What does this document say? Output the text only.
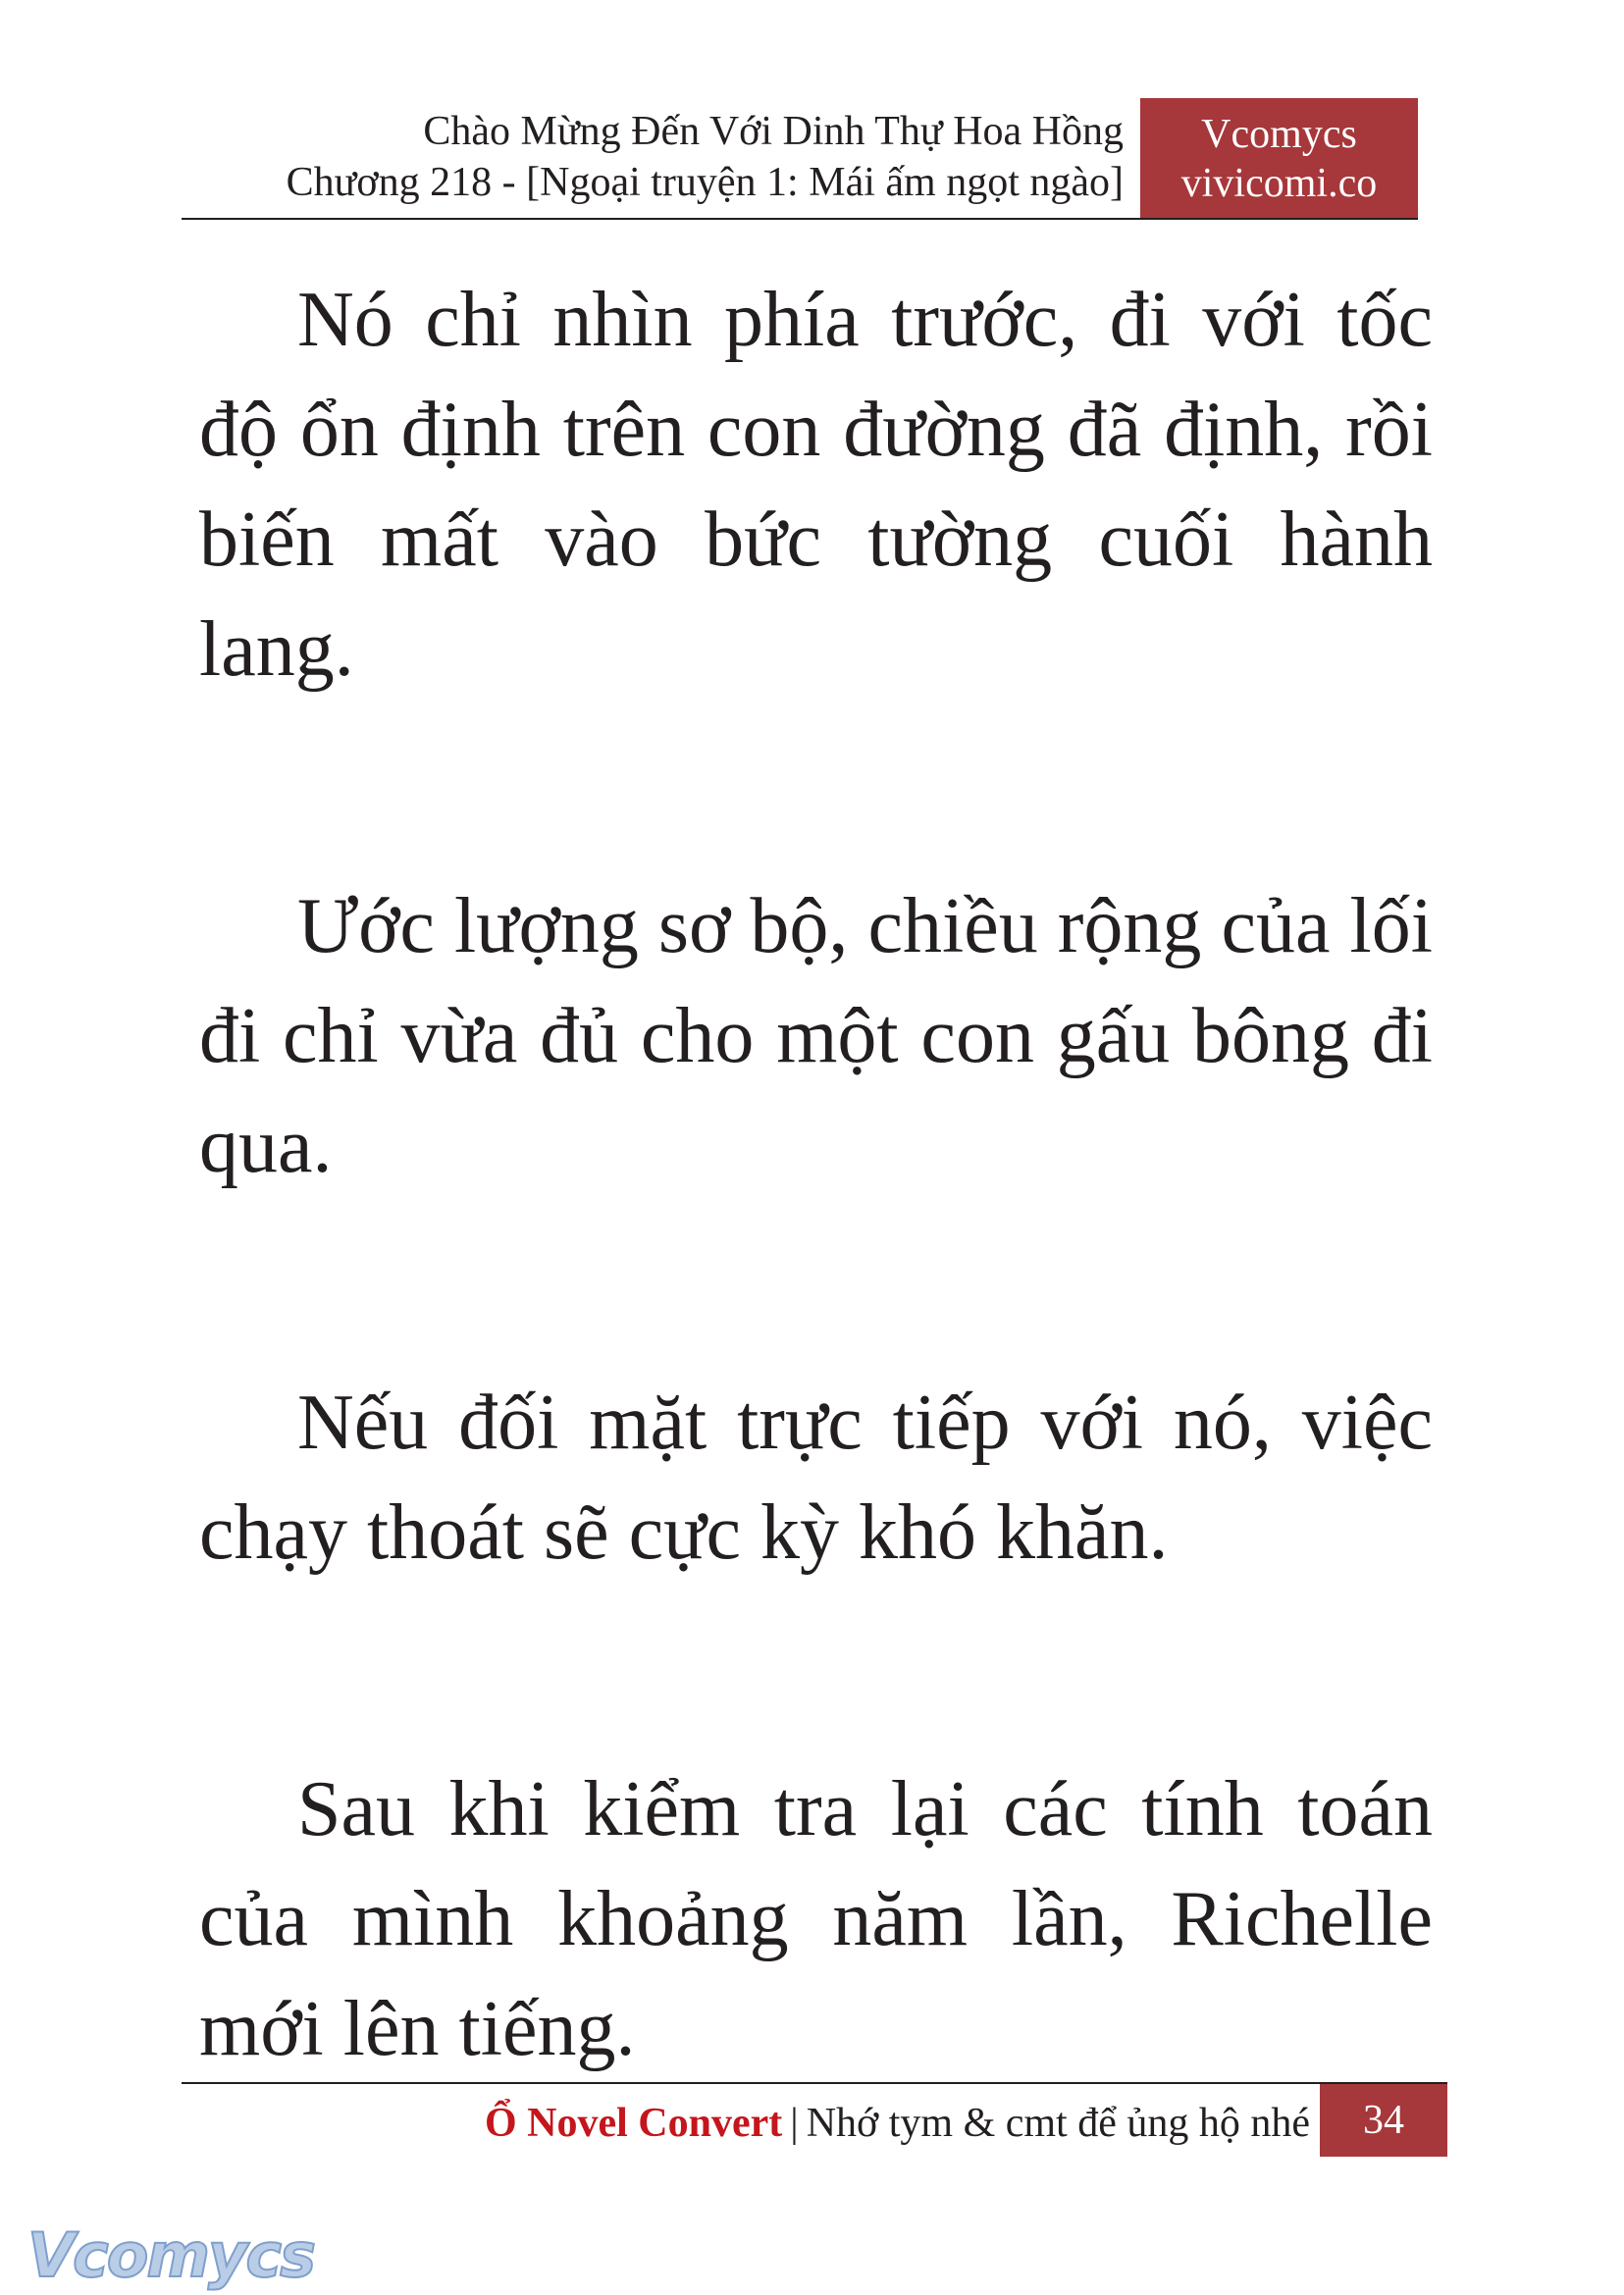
Chào Mừng Đến Với Dinh Thự Hoa Hồng
Chương 218 - [Ngoại truyện 1: Mái ấm ngọt ngào]
Vcomycs
vivicomi.co

Nó chỉ nhìn phía trước, đi với tốc độ ổn định trên con đường đã định, rồi biến mất vào bức tường cuối hành lang.

Ước lượng sơ bộ, chiều rộng của lối đi chỉ vừa đủ cho một con gấu bông đi qua.

Nếu đối mặt trực tiếp với nó, việc chạy thoát sẽ cực kỳ khó khăn.

Sau khi kiểm tra lại các tính toán của mình khoảng năm lần, Richelle mới lên tiếng.

Ổ Novel Convert | Nhớ tym & cmt để ủng hộ nhé	34
Vcomycs
